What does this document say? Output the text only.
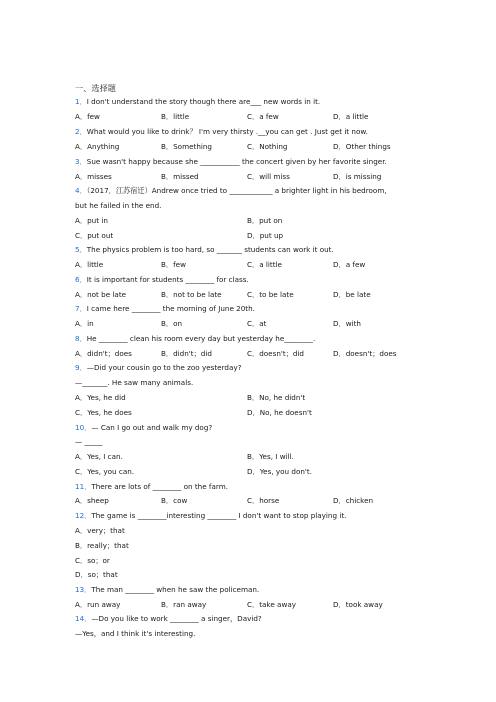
一、选择题
1．I don't understand the story though there are___ new words in it.
A．few	B．little	C．a few	D．a little
2．What would you like to drink？ I'm very thirsty .__you can get . Just get it now.
A．Anything	B．Something	C．Nothing	D．Other things
3．Sue wasn't happy because she ___________ the concert given by her favorite singer.
A．misses	B．missed	C．will miss	D．is missing
4．（2017．江苏宿迁）Andrew once tried to ____________ a brighter light in his bedroom,
but he failed in the end.
A．put in	B．put on
C．put out	D．put up
5．The physics problem is too hard, so _______ students can work it out.
A．little	B．few	C．a little	D．a few
6．It is important for students ________ for class.
A．not be late	B．not to be late	C．to be late	D．be late
7．I came here ________ the morning of June 20th.
A．in	B．on	C．at	D．with
8．He ________ clean his room every day but yesterday he________.
A．didn't；does	B．didn't；did	C．doesn't；did	D．doesn't；does
9．—Did your cousin go to the zoo yesterday?
—_______. He saw many animals.
A．Yes, he did	B．No, he didn't
C．Yes, he does	D．No, he doesn't
10．— Can I go out and walk my dog?
— _____
A．Yes, I can.	B．Yes, I will.
C．Yes, you can.	D．Yes, you don't.
11．There are lots of ________ on the farm.
A．sheep	B．cow	C．horse	D．chicken
12．The game is ________interesting ________ I don't want to stop playing it.
A．very；that
B．really；that
C．so；or
D．so；that
13．The man ________ when he saw the policeman.
A．run away	B．ran away	C．take away	D．took away
14．—Do you like to work ________ a singer，David?
—Yes，and I think it's interesting.
